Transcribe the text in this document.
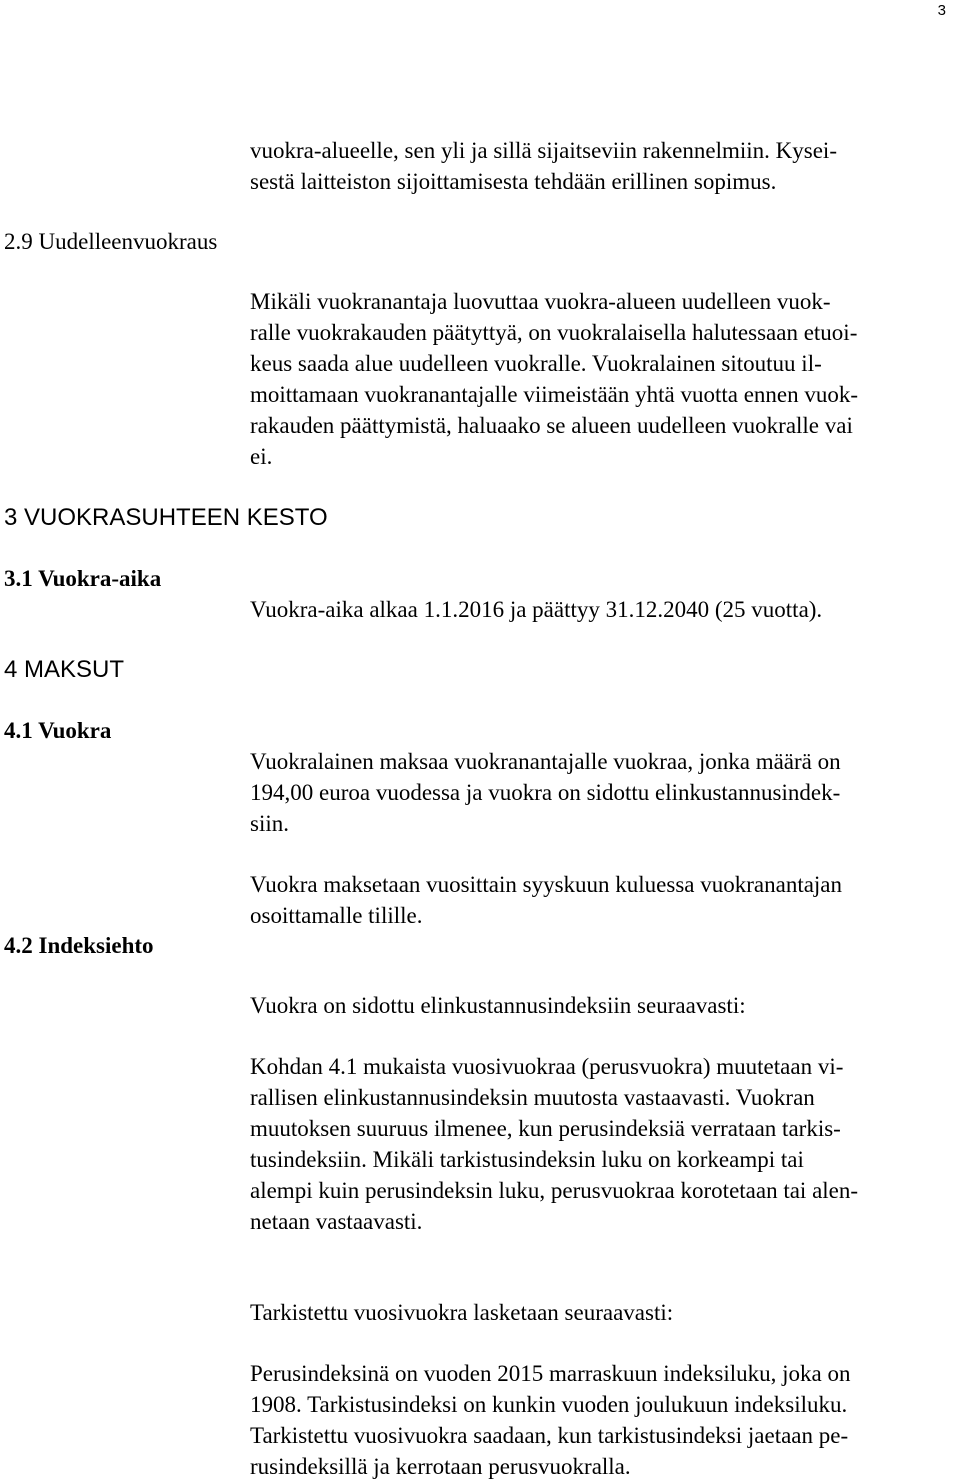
3
vuokra-alueelle, sen yli ja sillä sijaitseviin rakennelmiin. Kysei-
sestä laitteiston sijoittamisesta tehdään erillinen sopimus.
2.9 Uudelleenvuokraus
Mikäli vuokranantaja luovuttaa vuokra-alueen uudelleen vuok-
ralle vuokrakauden päätyttyä, on vuokralaisella halutessaan etuoi-
keus saada alue uudelleen vuokralle. Vuokralainen sitoutuu il-
moittamaan vuokranantajalle viimeistään yhtä vuotta ennen vuok-
rakauden päättymistä, haluaako se alueen uudelleen vuokralle vai
ei.
3 VUOKRASUHTEEN KESTO
3.1 Vuokra-aika
Vuokra-aika alkaa 1.1.2016 ja päättyy 31.12.2040 (25 vuotta).
4 MAKSUT
4.1 Vuokra
Vuokralainen maksaa vuokranantajalle vuokraa, jonka määrä on
194,00 euroa vuodessa ja vuokra on sidottu elinkustannusindek-
siin.
Vuokra maksetaan vuosittain syyskuun kuluessa vuokranantajan
osoittamalle tilille.
4.2 Indeksiehto
Vuokra on sidottu elinkustannusindeksiin seuraavasti:
Kohdan 4.1 mukaista vuosivuokraa (perusvuokra) muutetaan vi-
rallisen elinkustannusindeksin muutosta vastaavasti. Vuokran
muutoksen suuruus ilmenee, kun perusindeksiä verrataan tarkis-
tusindeksiin. Mikäli tarkistusindeksin luku on korkeampi tai
alempi kuin perusindeksin luku, perusvuokraa korotetaan tai alen-
netaan vastaavasti.
Tarkistettu vuosivuokra lasketaan seuraavasti:
Perusindeksinä on vuoden 2015 marraskuun indeksiluku, joka on
1908. Tarkistusindeksi on kunkin vuoden joulukuun indeksiluku.
Tarkistettu vuosivuokra saadaan, kun tarkistusindeksi jaetaan pe-
rusindeksillä ja kerrotaan perusvuokralla.
